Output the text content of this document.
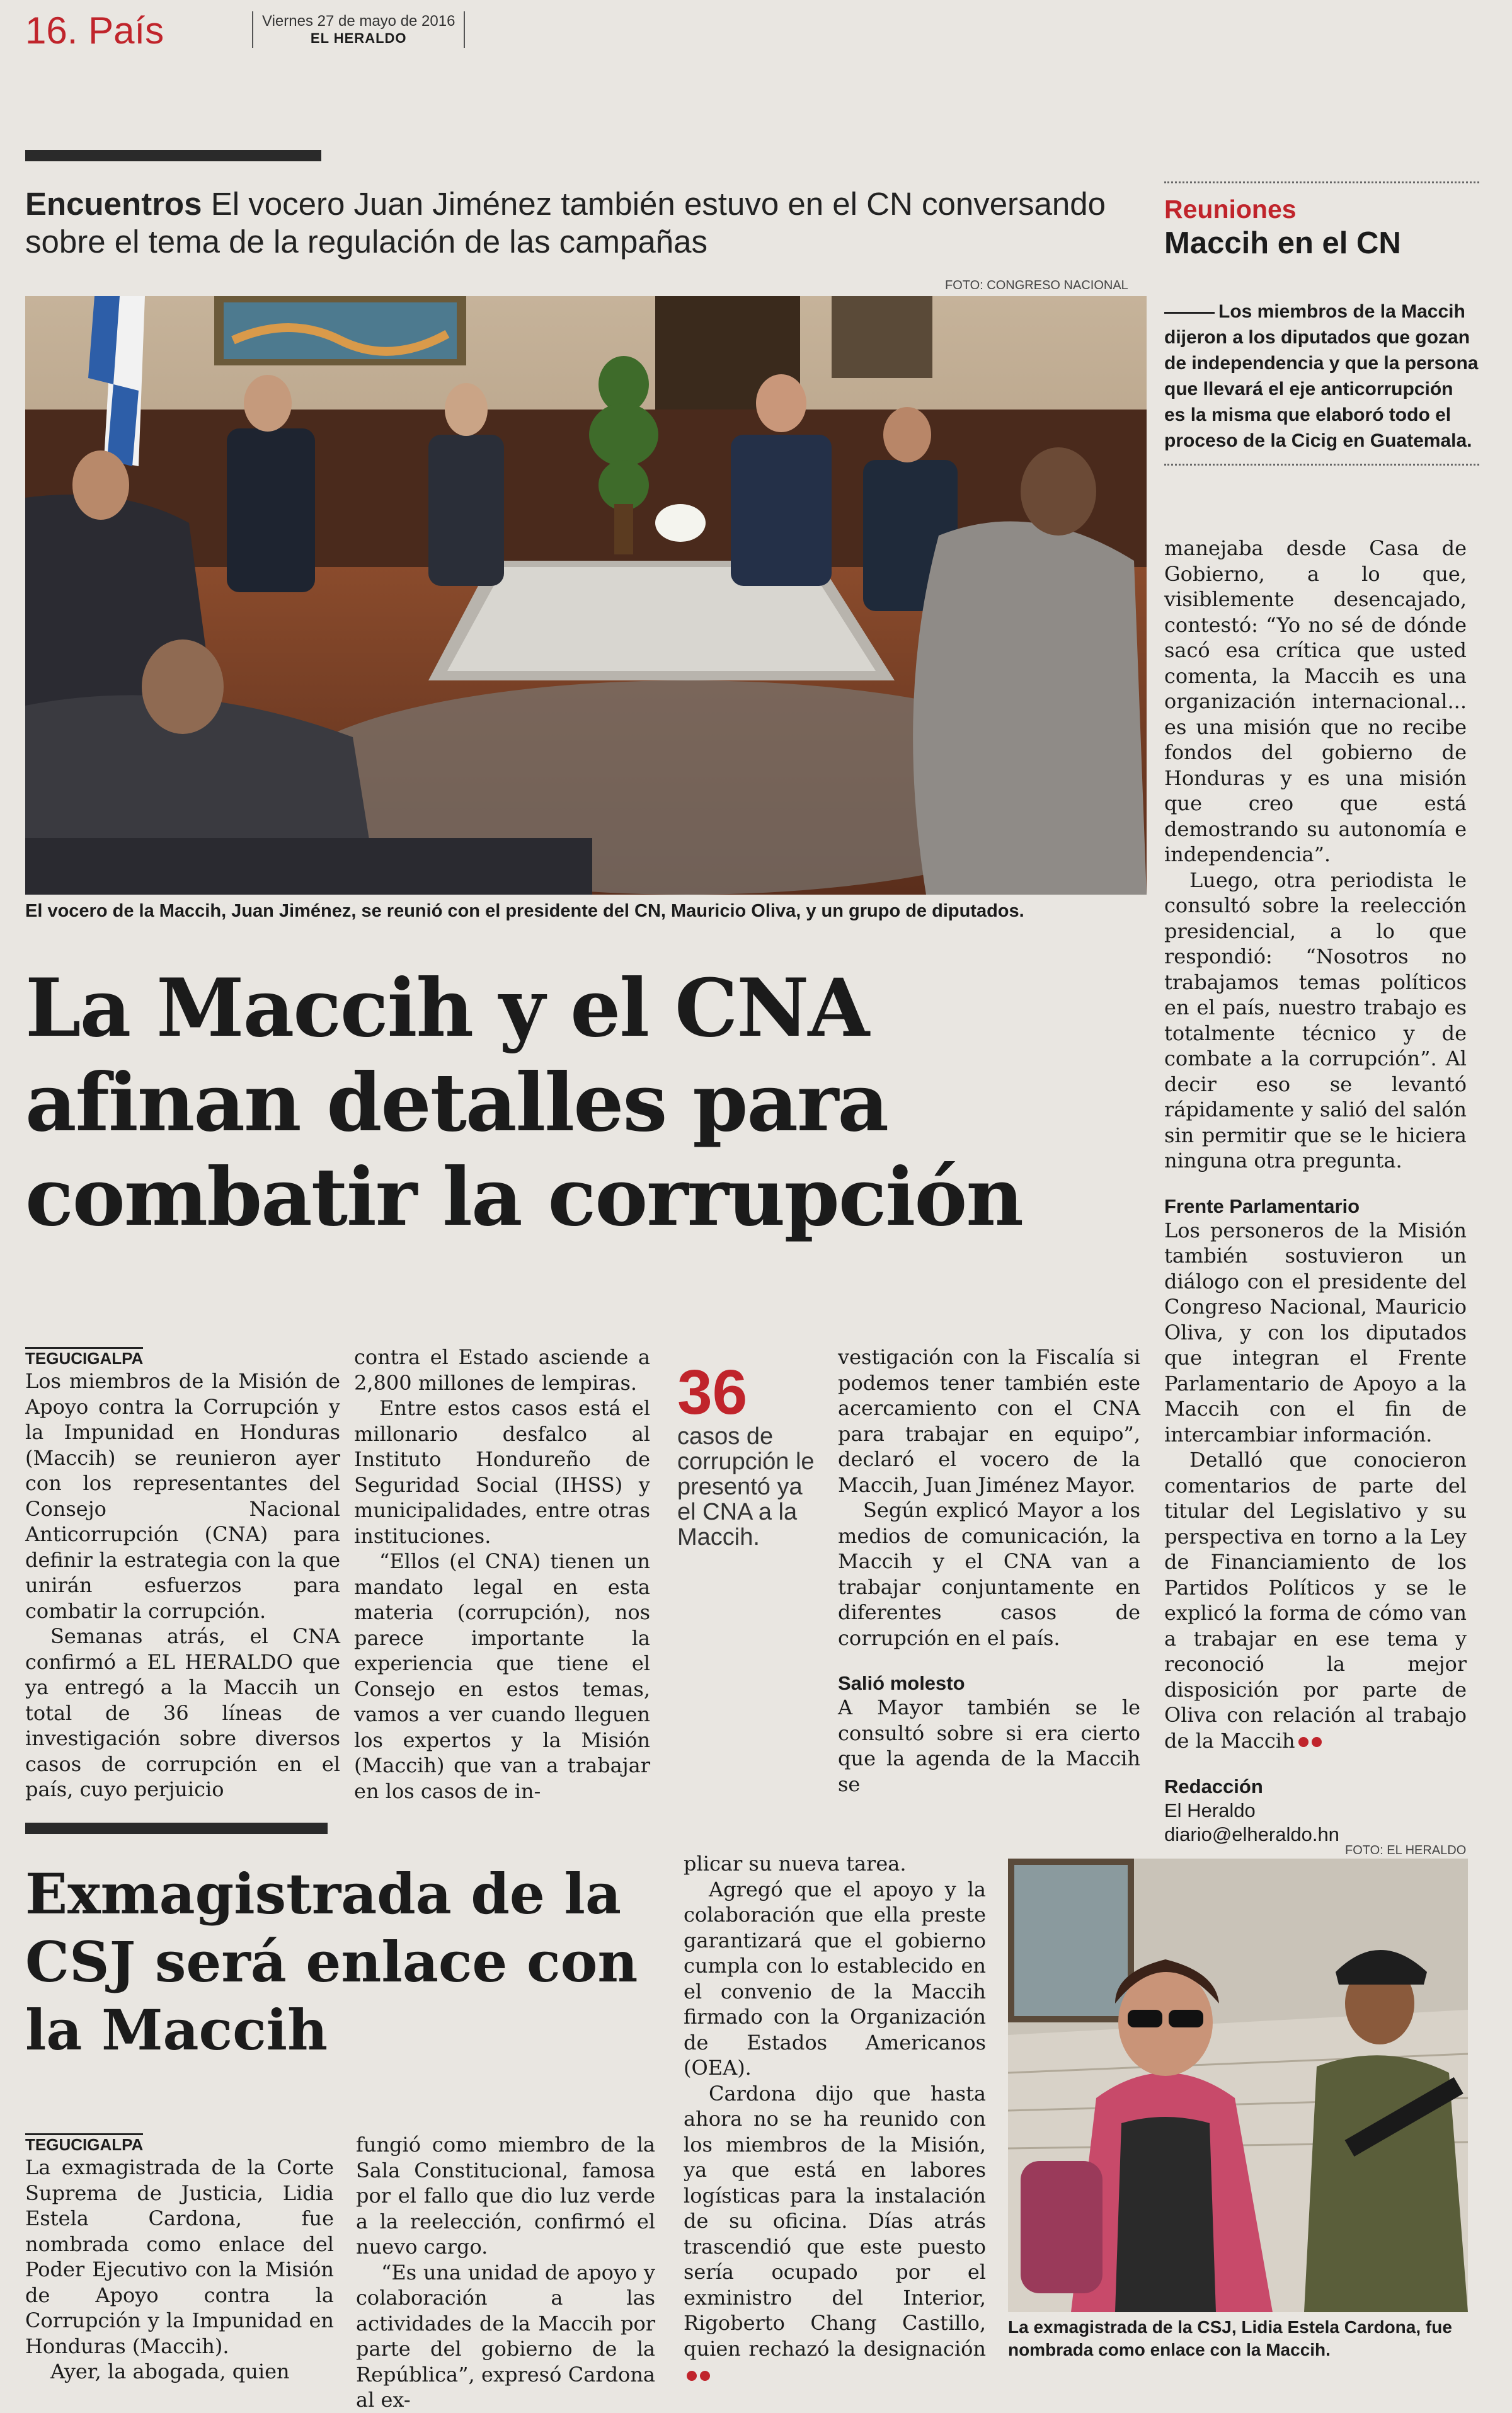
16. País	Viernes 27 de mayo de 2016
EL HERALDO
Encuentros El vocero Juan Jiménez también estuvo en el CN conversando sobre el tema de la regulación de las campañas
FOTO: CONGRESO NACIONAL
El vocero de la Maccih, Juan Jiménez, se reunió con el presidente del CN, Mauricio Oliva, y un grupo de diputados.
Reuniones
Maccih en el CN
Los miembros de la Maccih dijeron a los diputados que gozan de independencia y que la persona que llevará el eje anticorrupción es la misma que elaboró todo el proceso de la Cicig en Guatemala.
La Maccih y el CNA afinan detalles para combatir la corrupción
TEGUCIGALPA

Los miembros de la Misión de Apoyo contra la Corrupción y la Impunidad en Honduras (Maccih) se reunieron ayer con los representantes del Consejo Nacional Anticorrupción (CNA) para definir la estrategia con la que unirán esfuerzos para combatir la corrupción.

Semanas atrás, el CNA confirmó a EL HERALDO que ya entregó a la Maccih un total de 36 líneas de investigación sobre diversos casos de corrupción en el país, cuyo perjuicio

contra el Estado asciende a 2,800 millones de lempiras.

Entre estos casos está el millonario desfalco al Instituto Hondureño de Seguridad Social (IHSS) y municipalidades, entre otras instituciones.

“Ellos (el CNA) tienen un mandato legal en esta materia (corrupción), nos parece importante la experiencia que tiene el Consejo en estos temas, vamos a ver cuando lleguen los expertos y la Misión (Maccih) que van a trabajar en los casos de in-

36
casos de corrupción le presentó ya el CNA a la Maccih.

vestigación con la Fiscalía si podemos tener también este acercamiento con el CNA para trabajar en equipo”, declaró el vocero de la Maccih, Juan Jiménez Mayor.

Según explicó Mayor a los medios de comunicación, la Maccih y el CNA van a trabajar conjuntamente en diferentes casos de corrupción en el país.

Salió molesto

A Mayor también se le consultó sobre si era cierto que la agenda de la Maccih se

manejaba desde Casa de Gobierno, a lo que, visiblemente desencajado, contestó: “Yo no sé de dónde sacó esa crítica que usted comenta, la Maccih es una organización internacional... es una misión que no recibe fondos del gobierno de Honduras y es una misión que creo que está demostrando su autonomía e independencia”.

Luego, otra periodista le consultó sobre la reelección presidencial, a lo que respondió: “Nosotros no trabajamos temas políticos en el país, nuestro trabajo es totalmente técnico y de combate a la corrupción”. Al decir eso se levantó rápidamente y salió del salón sin permitir que se le hiciera ninguna otra pregunta.

Frente Parlamentario

Los personeros de la Misión también sostuvieron un diálogo con el presidente del Congreso Nacional, Mauricio Oliva, y con los diputados que integran el Frente Parlamentario de Apoyo a la Maccih con el fin de intercambiar información.

Detalló que conocieron comentarios de parte del titular del Legislativo y su perspectiva en torno a la Ley de Financiamiento de los Partidos Políticos y se le explicó la forma de cómo van a trabajar en ese tema y reconoció la mejor disposición por parte de Oliva con relación al trabajo de la Maccih

Redacción
El Heraldo
diario@elheraldo.hn
Exmagistrada de la CSJ será enlace con la Maccih
TEGUCIGALPA

La exmagistrada de la Corte Suprema de Justicia, Lidia Estela Cardona, fue nombrada como enlace del Poder Ejecutivo con la Misión de Apoyo contra la Corrupción y la Impunidad en Honduras (Maccih).

Ayer, la abogada, quien

fungió como miembro de la Sala Constitucional, famosa por el fallo que dio luz verde a la reelección, confirmó el nuevo cargo.

“Es una unidad de apoyo y colaboración a las actividades de la Maccih por parte del gobierno de la República”, expresó Cardona al ex-

plicar su nueva tarea.

Agregó que el apoyo y la colaboración que ella preste garantizará que el gobierno cumpla con lo establecido en el convenio de la Maccih firmado con la Organización de Estados Americanos (OEA).

Cardona dijo que hasta ahora no se ha reunido con los miembros de la Misión, ya que está en labores logísticas para la instalación de su oficina. Días atrás trascendió que este puesto sería ocupado por el exministro del Interior, Rigoberto Chang Castillo, quien rechazó la designación

FOTO: EL HERALDO
La exmagistrada de la CSJ, Lidia Estela Cardona, fue nombrada como enlace con la Maccih.
